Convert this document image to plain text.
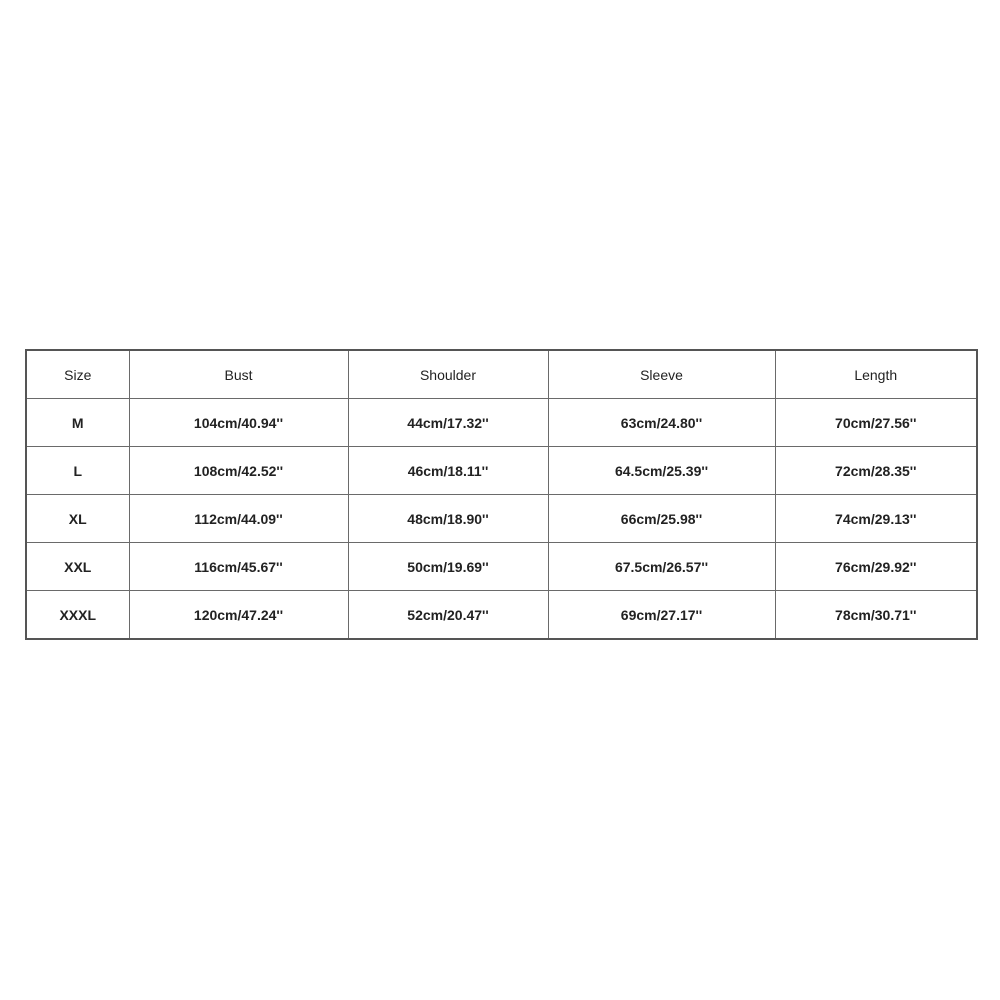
Size	Bust	Shoulder	Sleeve	Length
M	104cm/40.94''	44cm/17.32''	63cm/24.80''	70cm/27.56''
L	108cm/42.52''	46cm/18.11''	64.5cm/25.39''	72cm/28.35''
XL	112cm/44.09''	48cm/18.90''	66cm/25.98''	74cm/29.13''
XXL	116cm/45.67''	50cm/19.69''	67.5cm/26.57''	76cm/29.92''
XXXL	120cm/47.24''	52cm/20.47''	69cm/27.17''	78cm/30.71''
